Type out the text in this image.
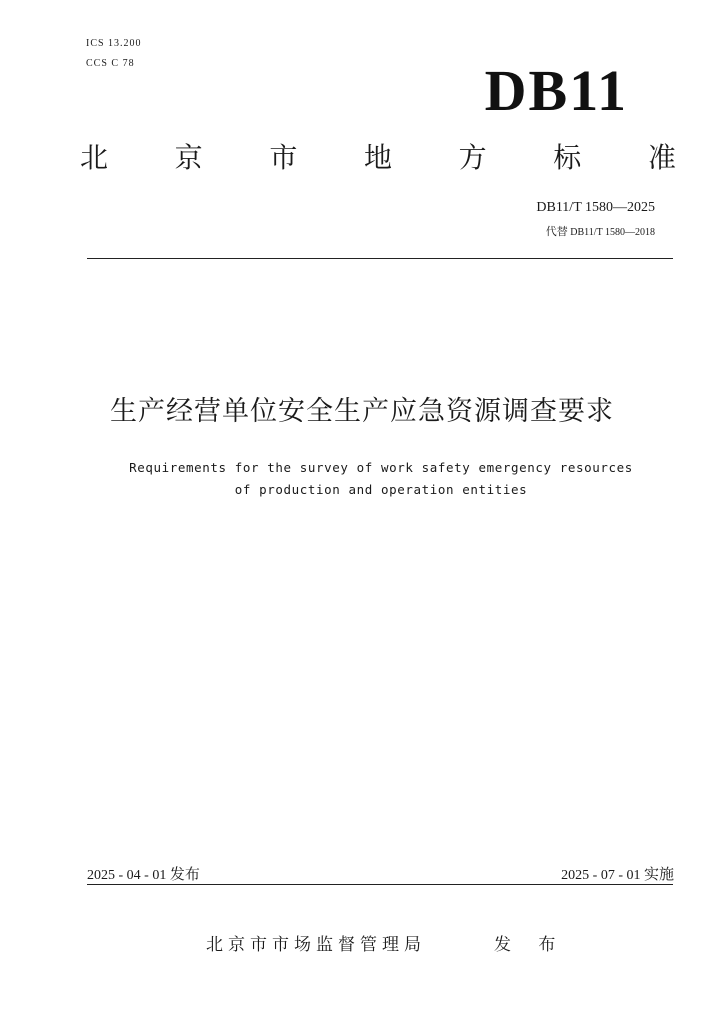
ICS 13.200
CCS C 78	DB11
北 京 市 地 方 标 准
DB11/T 1580—2025
代替 DB11/T 1580—2018
生产经营单位安全生产应急资源调查要求
Requirements for the survey of work safety emergency resources
of production and operation entities
2025 - 04 - 01 发布	2025 - 07 - 01 实施
北京市市场监督管理局	发 布
